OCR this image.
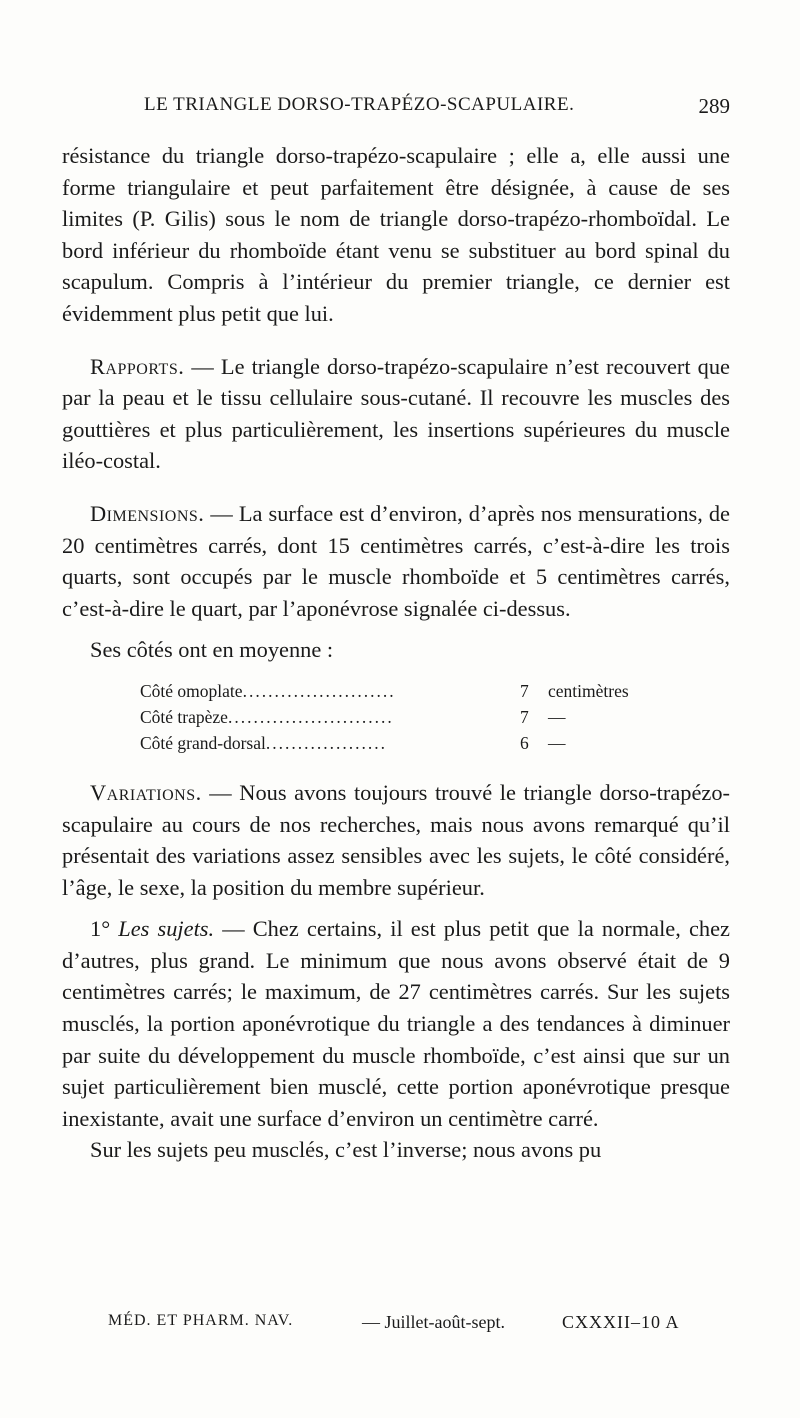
LE TRIANGLE DORSO-TRAPÉZO-SCAPULAIRE.	289

résistance du triangle dorso-trapézo-scapulaire ; elle a, elle aussi une forme triangulaire et peut parfaitement être désignée, à cause de ses limites (P. Gilis) sous le nom de triangle dorso-trapézo-rhomboïdal. Le bord inférieur du rhomboïde étant venu se substituer au bord spinal du scapulum. Compris à l’intérieur du premier triangle, ce dernier est évidemment plus petit que lui.

Rapports. — Le triangle dorso-trapézo-scapulaire n’est recouvert que par la peau et le tissu cellulaire sous-cutané. Il recouvre les muscles des gouttières et plus particulièrement, les insertions supérieures du muscle iléo-costal.

Dimensions. — La surface est d’environ, d’après nos mensurations, de 20 centimètres carrés, dont 15 centimètres carrés, c’est-à-dire les trois quarts, sont occupés par le muscle rhomboïde et 5 centimètres carrés, c’est-à-dire le quart, par l’aponévrose signalée ci-dessus.

Ses côtés ont en moyenne :

Côté omoplate........................	7	centimètres
Côté trapèze..........................	7	—
Côté grand-dorsal...................	6	—

Variations. — Nous avons toujours trouvé le triangle dorso-trapézo-scapulaire au cours de nos recherches, mais nous avons remarqué qu’il présentait des variations assez sensibles avec les sujets, le côté considéré, l’âge, le sexe, la position du membre supérieur.

1° Les sujets. — Chez certains, il est plus petit que la normale, chez d’autres, plus grand. Le minimum que nous avons observé était de 9 centimètres carrés; le maximum, de 27 centimètres carrés. Sur les sujets musclés, la portion aponévrotique du triangle a des tendances à diminuer par suite du développement du muscle rhomboïde, c’est ainsi que sur un sujet particulièrement bien musclé, cette portion aponévrotique presque inexistante, avait une surface d’environ un centimètre carré.

Sur les sujets peu musclés, c’est l’inverse; nous avons pu

MÉD. ET PHARM. NAV.	— Juillet-août-sept.	CXXXII–10 A
